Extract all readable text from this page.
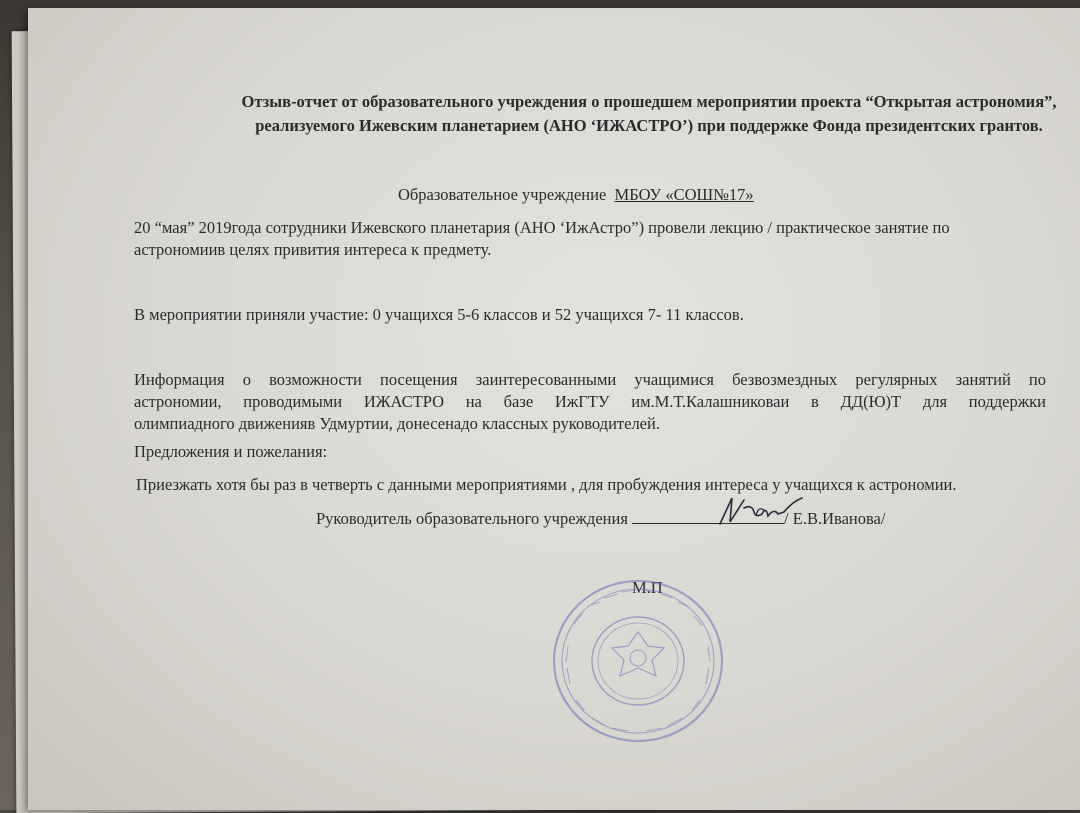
Отзыв-отчет от образовательного учреждения о прошедшем мероприятии проекта “Открытая астрономия”,
реализуемого Ижевским планетарием (АНО ‘ИЖАСТРО’) при поддержке Фонда президентских грантов.
Образовательное учреждение МБОУ «СОШ№17»
20 “мая” 2019года сотрудники Ижевского планетария (АНО ‘ИжАстро”) провели лекцию / практическое занятие по
астрономиив целях привития интереса к предмету.
В мероприятии приняли участие: 0 учащихся 5-6 классов и 52 учащихся 7- 11 классов.
Информация о возможности посещения заинтересованными учащимися безвозмездных регулярных занятий по
астрономии, проводимыми ИЖАСТРО на базе ИжГТУ им.М.Т.Калашниковаи в ДД(Ю)Т для поддержки
олимпиадного движенияв Удмуртии, донесенадо классных руководителей.
Предложения и пожелания:
Приезжать хотя бы раз в четверть с данными мероприятиями , для пробуждения интереса у учащихся к астрономии.
Руководитель образовательного учреждения	/ Е.В.Иванова/
М.П
